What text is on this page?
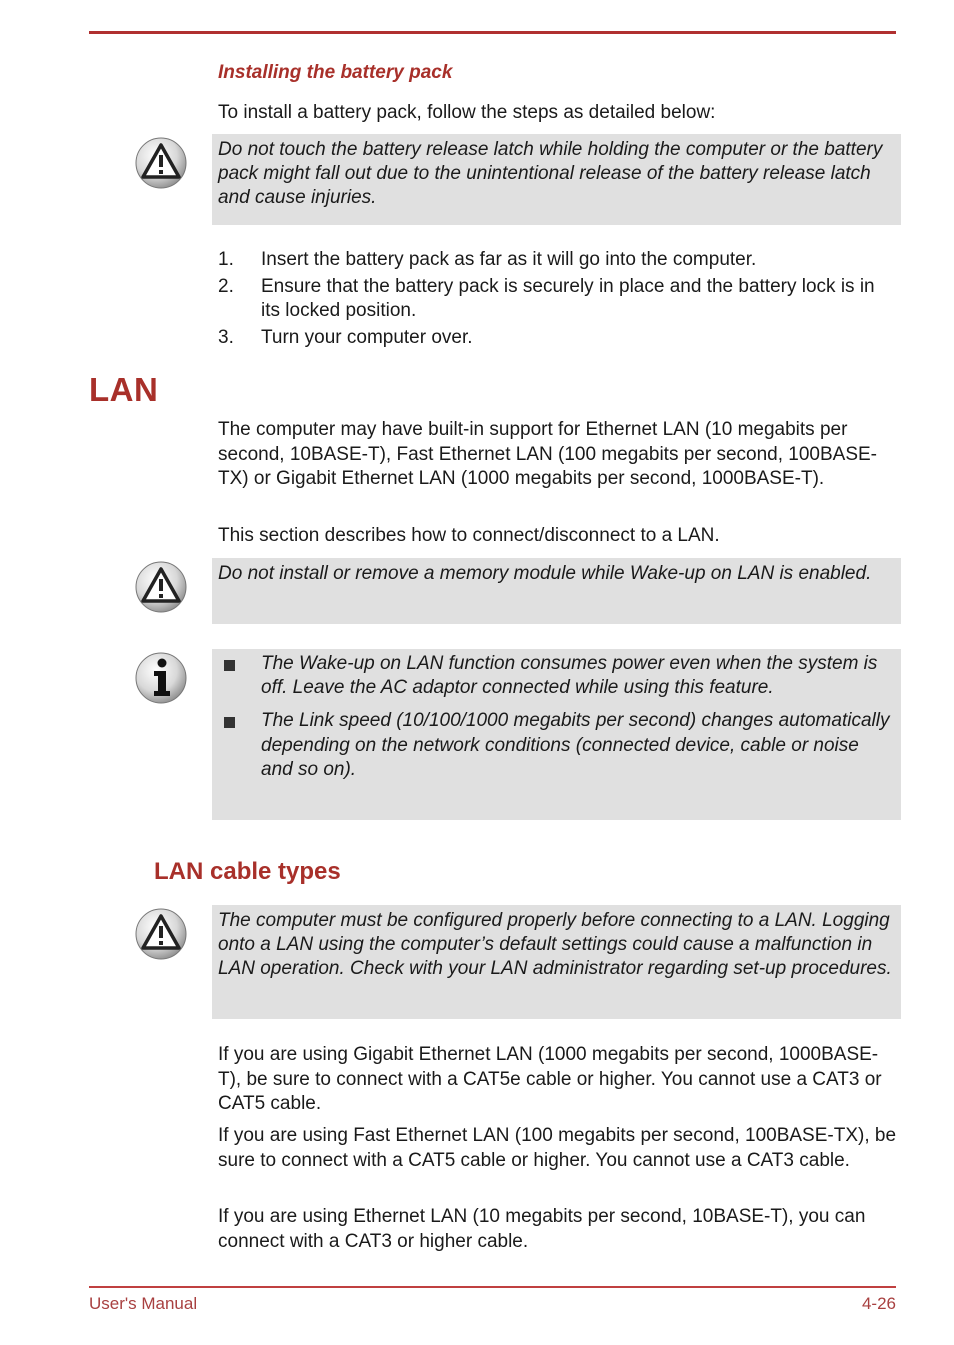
Installing the battery pack

To install a battery pack, follow the steps as detailed below:

Do not touch the battery release latch while holding the computer or the battery pack might fall out due to the unintentional release of the battery release latch and cause injuries.
1. Insert the battery pack as far as it will go into the computer.
2. Ensure that the battery pack is securely in place and the battery lock is in its locked position.
3. Turn your computer over.
LAN

The computer may have built-in support for Ethernet LAN (10 megabits per second, 10BASE-T), Fast Ethernet LAN (100 megabits per second, 100BASE-TX) or Gigabit Ethernet LAN (1000 megabits per second, 1000BASE-T).

This section describes how to connect/disconnect to a LAN.

Do not install or remove a memory module while Wake-up on LAN is enabled.
The Wake-up on LAN function consumes power even when the system is off. Leave the AC adaptor connected while using this feature.
The Link speed (10/100/1000 megabits per second) changes automatically depending on the network conditions (connected device, cable or noise and so on).
LAN cable types
The computer must be configured properly before connecting to a LAN. Logging onto a LAN using the computer’s default settings could cause a malfunction in LAN operation. Check with your LAN administrator regarding set-up procedures.

If you are using Gigabit Ethernet LAN (1000 megabits per second, 1000BASE-T), be sure to connect with a CAT5e cable or higher. You cannot use a CAT3 or CAT5 cable.

If you are using Fast Ethernet LAN (100 megabits per second, 100BASE-TX), be sure to connect with a CAT5 cable or higher. You cannot use a CAT3 cable.

If you are using Ethernet LAN (10 megabits per second, 10BASE-T), you can connect with a CAT3 or higher cable.

User's Manual	4-26
